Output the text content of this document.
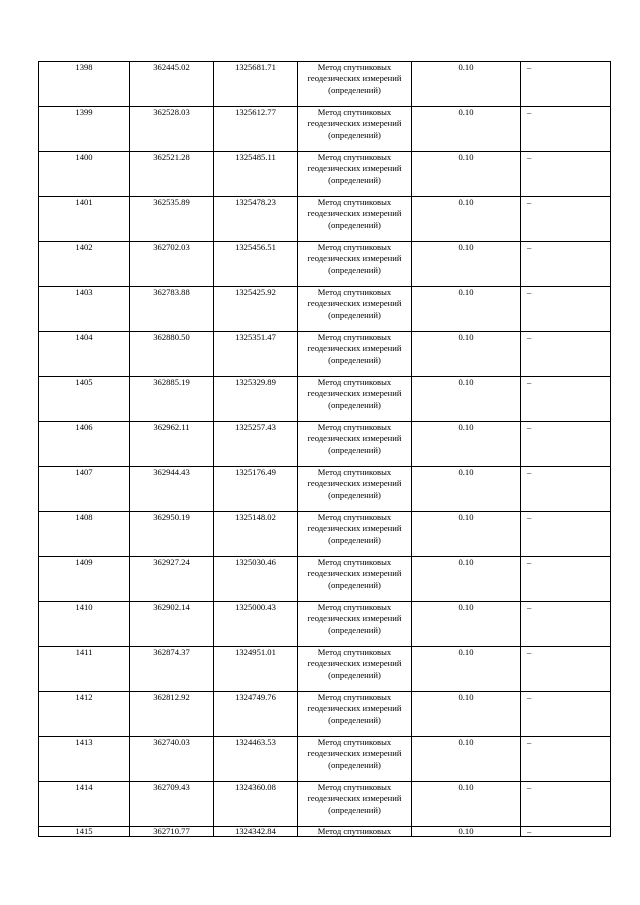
1398	362445.02	1325681.71	Метод спутниковых геодезических измерений (определений)	0.10	–
1399	362528.03	1325612.77	Метод спутниковых геодезических измерений (определений)	0.10	–
1400	362521.28	1325485.11	Метод спутниковых геодезических измерений (определений)	0.10	–
1401	362535.89	1325478.23	Метод спутниковых геодезических измерений (определений)	0.10	–
1402	362702.03	1325456.51	Метод спутниковых геодезических измерений (определений)	0.10	–
1403	362783.88	1325425.92	Метод спутниковых геодезических измерений (определений)	0.10	–
1404	362880.50	1325351.47	Метод спутниковых геодезических измерений (определений)	0.10	–
1405	362885.19	1325329.89	Метод спутниковых геодезических измерений (определений)	0.10	–
1406	362962.11	1325257.43	Метод спутниковых геодезических измерений (определений)	0.10	–
1407	362944.43	1325176.49	Метод спутниковых геодезических измерений (определений)	0.10	–
1408	362950.19	1325148.02	Метод спутниковых геодезических измерений (определений)	0.10	–
1409	362927.24	1325030.46	Метод спутниковых геодезических измерений (определений)	0.10	–
1410	362902.14	1325000.43	Метод спутниковых геодезических измерений (определений)	0.10	–
1411	362874.37	1324951.01	Метод спутниковых геодезических измерений (определений)	0.10	–
1412	362812.92	1324749.76	Метод спутниковых геодезических измерений (определений)	0.10	–
1413	362740.03	1324463.53	Метод спутниковых геодезических измерений (определений)	0.10	–
1414	362709.43	1324360.08	Метод спутниковых геодезических измерений (определений)	0.10	–
1415	362710.77	1324342.84	Метод спутниковых	0.10	–
